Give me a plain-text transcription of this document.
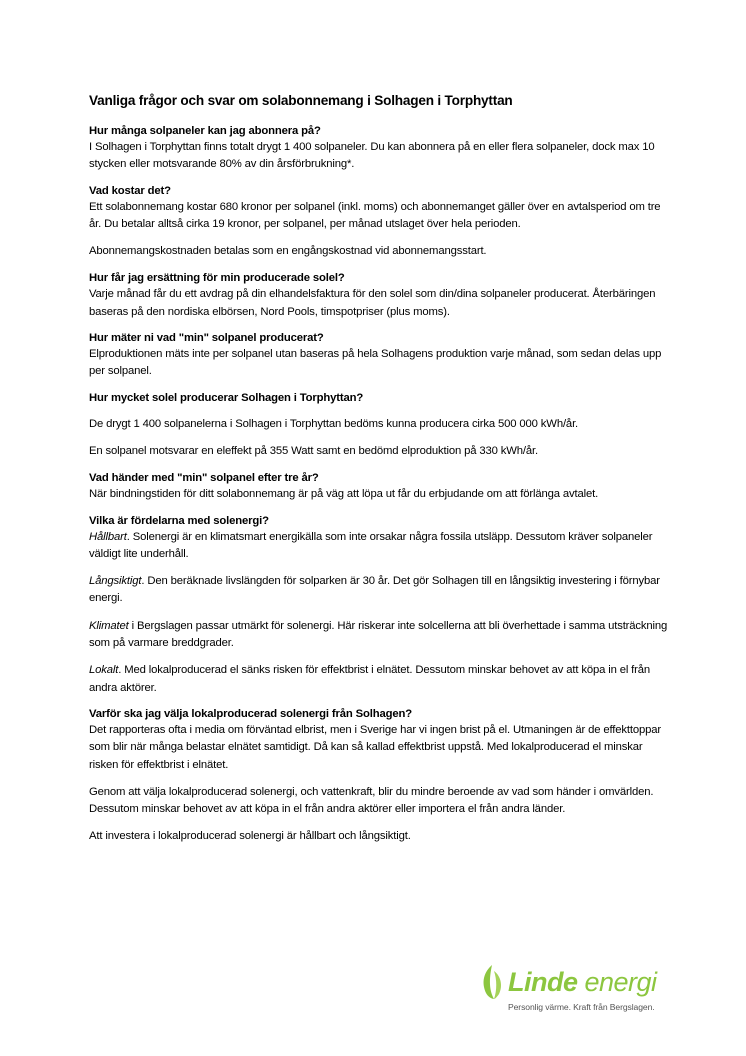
Vanliga frågor och svar om solabonnemang i Solhagen i Torphyttan

Hur många solpaneler kan jag abonnera på?

I Solhagen i Torphyttan finns totalt drygt 1 400 solpaneler. Du kan abonnera på en eller flera solpaneler, dock max 10 stycken eller motsvarande 80% av din årsförbrukning*.

Vad kostar det?

Ett solabonnemang kostar 680 kronor per solpanel (inkl. moms) och abonnemanget gäller över en avtalsperiod om tre år. Du betalar alltså cirka 19 kronor, per solpanel, per månad utslaget över hela perioden.

Abonnemangskostnaden betalas som en engångskostnad vid abonnemangsstart.

Hur får jag ersättning för min producerade solel?

Varje månad får du ett avdrag på din elhandelsfaktura för den solel som din/dina solpaneler producerat. Återbäringen baseras på den nordiska elbörsen, Nord Pools, timspotpriser (plus moms).

Hur mäter ni vad "min" solpanel producerat?

Elproduktionen mäts inte per solpanel utan baseras på hela Solhagens produktion varje månad, som sedan delas upp per solpanel.

Hur mycket solel producerar Solhagen i Torphyttan?

De drygt 1 400 solpanelerna i Solhagen i Torphyttan bedöms kunna producera cirka 500 000 kWh/år.

En solpanel motsvarar en eleffekt på 355 Watt samt en bedömd elproduktion på 330 kWh/år.

Vad händer med "min" solpanel efter tre år?

När bindningstiden för ditt solabonnemang är på väg att löpa ut får du erbjudande om att förlänga avtalet.

Vilka är fördelarna med solenergi?

Hållbart. Solenergi är en klimatsmart energikälla som inte orsakar några fossila utsläpp. Dessutom kräver solpaneler väldigt lite underhåll.

Långsiktigt. Den beräknade livslängden för solparken är 30 år. Det gör Solhagen till en långsiktig investering i förnybar energi.

Klimatet i Bergslagen passar utmärkt för solenergi. Här riskerar inte solcellerna att bli överhettade i samma utsträckning som på varmare breddgrader.

Lokalt. Med lokalproducerad el sänks risken för effektbrist i elnätet. Dessutom minskar behovet av att köpa in el från andra aktörer.

Varför ska jag välja lokalproducerad solenergi från Solhagen?

Det rapporteras ofta i media om förväntad elbrist, men i Sverige har vi ingen brist på el. Utmaningen är de effekttoppar som blir när många belastar elnätet samtidigt. Då kan så kallad effektbrist uppstå. Med lokalproducerad el minskar risken för effektbrist i elnätet.

Genom att välja lokalproducerad solenergi, och vattenkraft, blir du mindre beroende av vad som händer i omvärlden. Dessutom minskar behovet av att köpa in el från andra aktörer eller importera el från andra länder.

Att investera i lokalproducerad solenergi är hållbart och långsiktigt.

Linde energi
Personlig värme. Kraft från Bergslagen.
